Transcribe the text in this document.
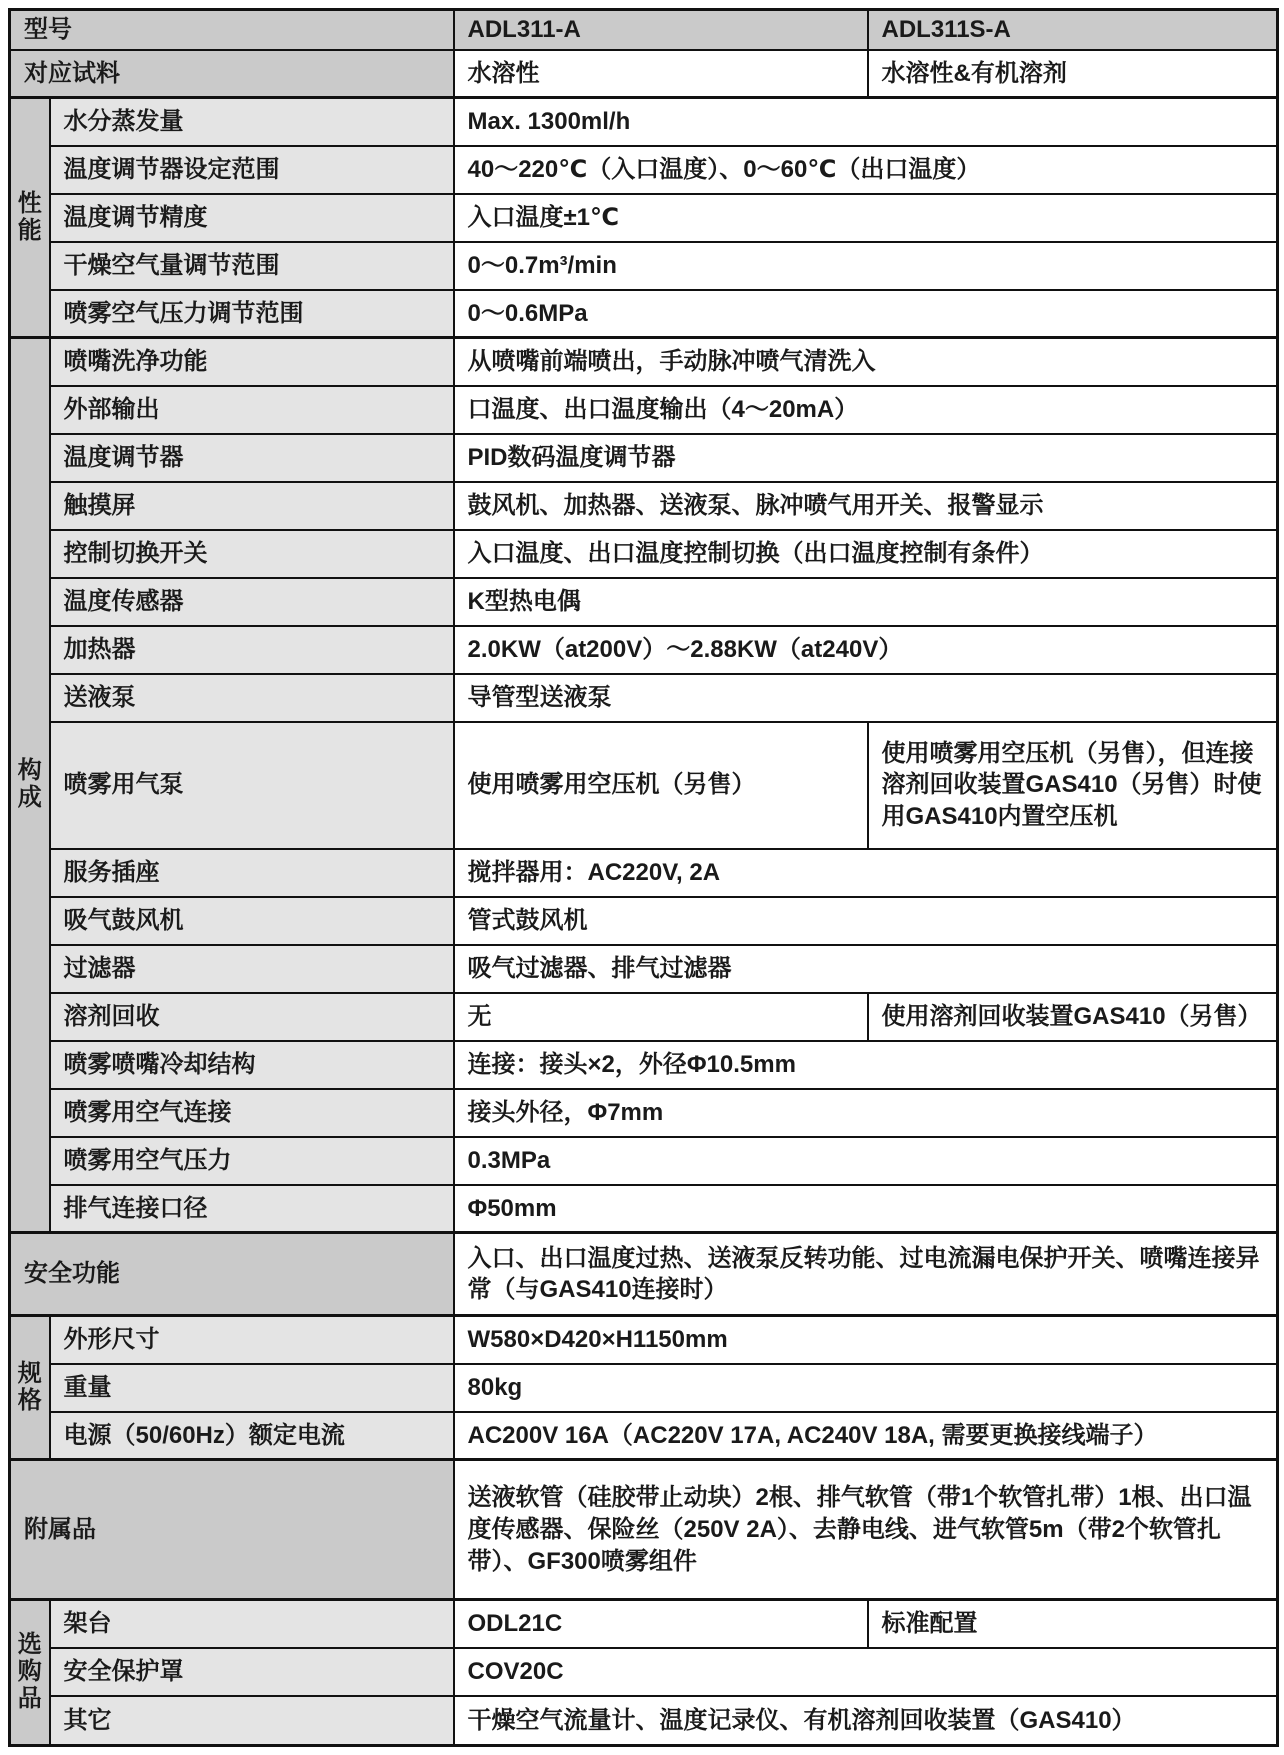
型号		ADL311-A	ADL311S-A
对应试料		水溶性	水溶性&有机溶剂

性能	水分蒸发量	Max. 1300ml/h	
	温度调节器设定范围	40～220℃（入口温度）、0～60℃（出口温度）	
	温度调节精度	入口温度±1℃	
	干燥空气量调节范围	0～0.7m³/min	
	喷雾空气压力调节范围	0～0.6MPa	

构成	喷嘴洗净功能	从喷嘴前端喷出，手动脉冲喷气清洗入	
	外部输出	口温度、出口温度输出（4～20mA）	
	温度调节器	PID数码温度调节器	
	触摸屏	鼓风机、加热器、送液泵、脉冲喷气用开关、报警显示	
	控制切换开关	入口温度、出口温度控制切换（出口温度控制有条件）	
	温度传感器	K型热电偶	
	加热器	2.0KW（at200V）～2.88KW（at240V）	
	送液泵	导管型送液泵	
	喷雾用气泵	使用喷雾用空压机（另售）	使用喷雾用空压机（另售），但连接溶剂回收装置GAS410（另售）时使用GAS410内置空压机
	服务插座	搅拌器用：AC220V, 2A	
	吸气鼓风机	管式鼓风机	
	过滤器	吸气过滤器、排气过滤器	
	溶剂回收	无	使用溶剂回收装置GAS410（另售）
	喷雾喷嘴冷却结构	连接：接头×2，外径Φ10.5mm	
	喷雾用空气连接	接头外径，Φ7mm	
	喷雾用空气压力	0.3MPa	
	排气连接口径	Φ50mm	
安全功能		入口、出口温度过热、送液泵反转功能、过电流漏电保护开关、喷嘴连接异常（与GAS410连接时）	

规格	外形尺寸	W580×D420×H1150mm	
	重量	80kg	
	电源（50/60Hz）额定电流	AC200V 16A（AC220V 17A, AC240V 18A, 需要更换接线端子）	
附属品		送液软管（硅胶带止动块）2根、排气软管（带1个软管扎带）1根、出口温度传感器、保险丝（250V 2A）、去静电线、进气软管5m（带2个软管扎带）、GF300喷雾组件	

选购品	架台	ODL21C	标准配置
	安全保护罩	COV20C	
	其它	干燥空气流量计、温度记录仪、有机溶剂回收装置（GAS410）	
